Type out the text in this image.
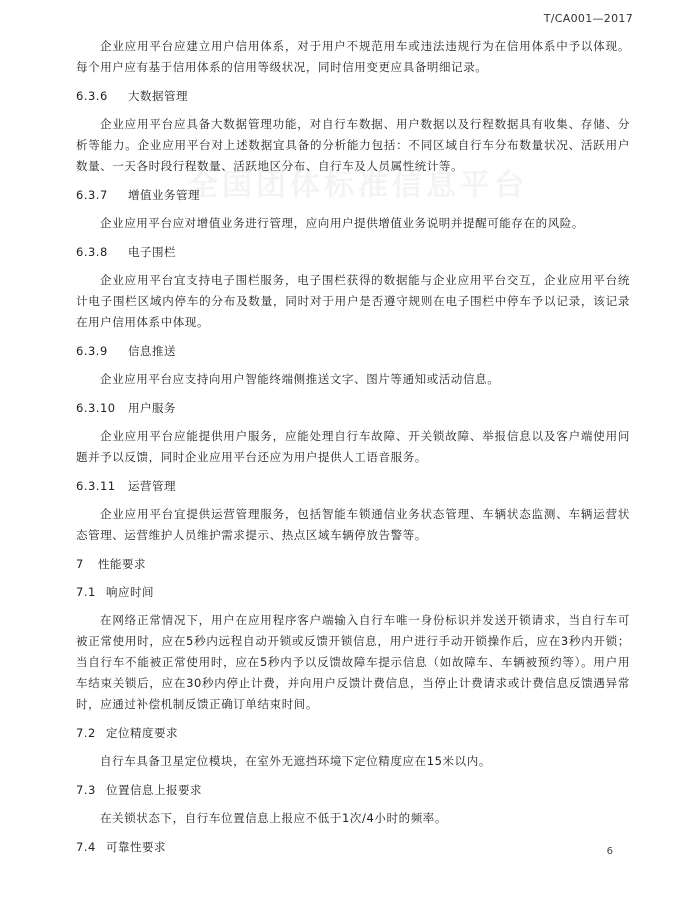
T/CA001—2017
全国团体标准信息平台

企业应用平台应建立用户信用体系，对于用户不规范用车或违法违规行为在信用体系中予以体现。每个用户应有基于信用体系的信用等级状况，同时信用变更应具备明细记录。

6.3.6 大数据管理

企业应用平台应具备大数据管理功能，对自行车数据、用户数据以及行程数据具有收集、存储、分析等能力。企业应用平台对上述数据宜具备的分析能力包括：不同区域自行车分布数量状况、活跃用户数量、一天各时段行程数量、活跃地区分布、自行车及人员属性统计等。

6.3.7 增值业务管理

企业应用平台应对增值业务进行管理，应向用户提供增值业务说明并提醒可能存在的风险。

6.3.8 电子围栏

企业应用平台宜支持电子围栏服务，电子围栏获得的数据能与企业应用平台交互，企业应用平台统计电子围栏区域内停车的分布及数量，同时对于用户是否遵守规则在电子围栏中停车予以记录，该记录在用户信用体系中体现。

6.3.9 信息推送

企业应用平台应支持向用户智能终端侧推送文字、图片等通知或活动信息。

6.3.10 用户服务

企业应用平台应能提供用户服务，应能处理自行车故障、开关锁故障、举报信息以及客户端使用问题并予以反馈，同时企业应用平台还应为用户提供人工语音服务。

6.3.11 运营管理

企业应用平台宜提供运营管理服务，包括智能车锁通信业务状态管理、车辆状态监测、车辆运营状态管理、运营维护人员维护需求提示、热点区域车辆停放告警等。

7 性能要求
7.1 响应时间

在网络正常情况下，用户在应用程序客户端输入自行车唯一身份标识并发送开锁请求，当自行车可被正常使用时，应在5秒内远程自动开锁或反馈开锁信息，用户进行手动开锁操作后，应在3秒内开锁；当自行车不能被正常使用时，应在5秒内予以反馈故障车提示信息（如故障车、车辆被预约等）。用户用车结束关锁后，应在30秒内停止计费，并向用户反馈计费信息，当停止计费请求或计费信息反馈遇异常时，应通过补偿机制反馈正确订单结束时间。

7.2 定位精度要求

自行车具备卫星定位模块，在室外无遮挡环境下定位精度应在15米以内。

7.3 位置信息上报要求

在关锁状态下，自行车位置信息上报应不低于1次/4小时的频率。

7.4 可靠性要求	6
